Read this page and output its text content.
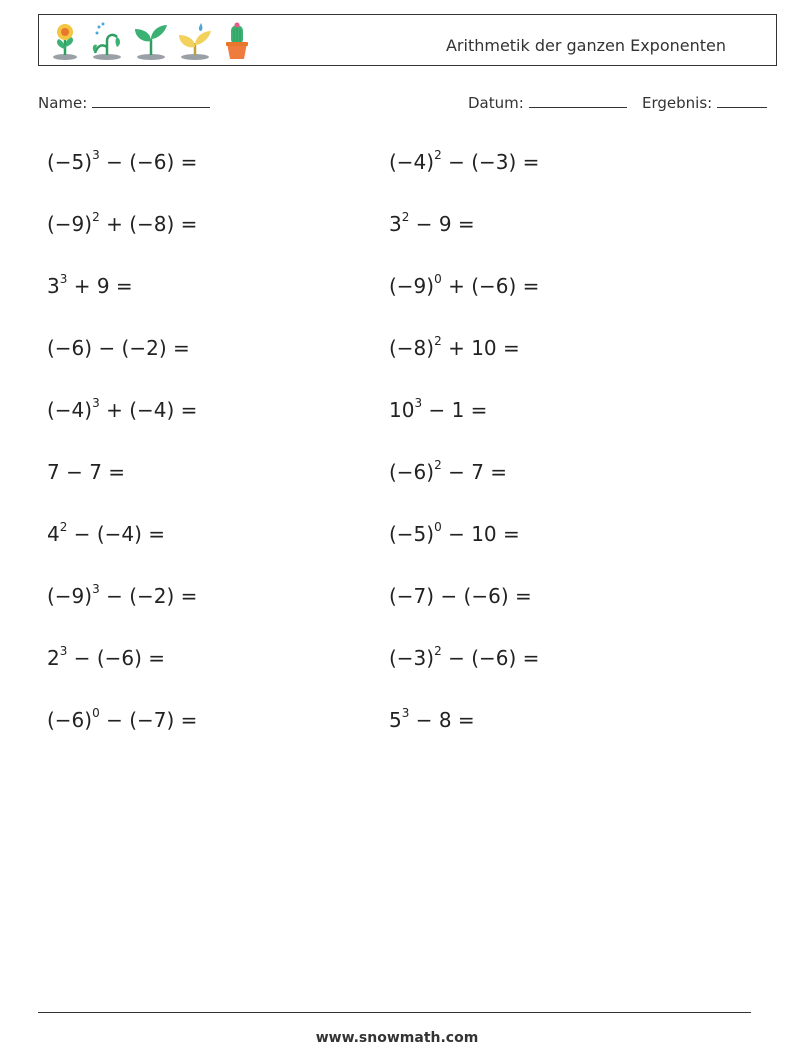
Arithmetik der ganzen Exponenten
Name:	Datum:	Ergebnis:
$(-5)^3 - (-6)$ =
$(-9)^2 + (-8)$ =
$3^3 + 9$ =
(−6) − (−2) =
$(-4)^3 + (-4)$ =
7 − 7 =
$4^2 - (-4)$ =
$(-9)^3 - (-2)$ =
$2^3 - (-6)$ =
$(-6)^0 - (-7)$ =
$(-4)^2 - (-3)$ =
$3^2 - 9$ =
$(-9)^0 + (-6)$ =
$(-8)^2 + 10$ =
$10^3 - 1$ =
$(-6)^2 - 7$ =
$(-5)^0 - 10$ =
(−7) − (−6) =
$(-3)^2 - (-6)$ =
$5^3 - 8$ =
www.snowmath.com
